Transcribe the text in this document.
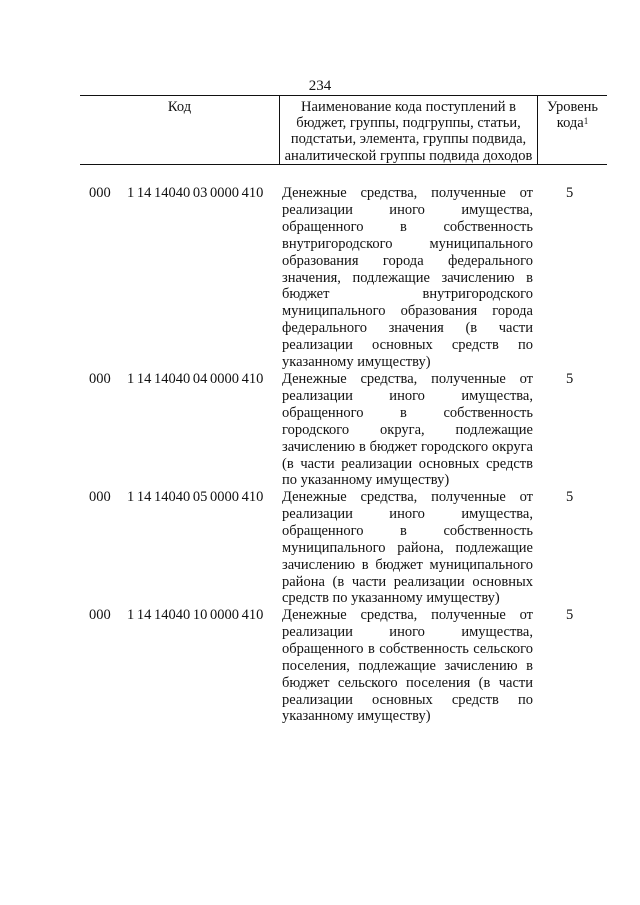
234
Код	Наименование кода поступлений в бюджет, группы, подгруппы, статьи, подстатьи, элемента, группы подвида, аналитической группы подвида доходов
Уровень кода$^1$
000 1 14 14040 03 0000 410 Денежные средства, полученные от реализации иного имущества, обращенного в собственность внутригородского муниципального образования города федерального значения, подлежащие зачислению в бюджет внутригородского муниципального образования города федерального значения (в части реализации основных средств по указанному имуществу)
5
000 1 14 14040 04 0000 410 Денежные средства, полученные от реализации иного имущества, обращенного в собственность городского округа, подлежащие зачислению в бюджет городского округа (в части реализации основных средств по указанному имуществу)
5
000 1 14 14040 05 0000 410 Денежные средства, полученные от реализации иного имущества, обращенного в собственность муниципального района, подлежащие зачислению в бюджет муниципального района (в части реализации основных средств по указанному имуществу)
5
000 1 14 14040 10 0000 410 Денежные средства, полученные от реализации иного имущества, обращенного в собственность сельского поселения, подлежащие зачислению в бюджет сельского поселения (в части реализации основных средств по указанному имуществу)
5
